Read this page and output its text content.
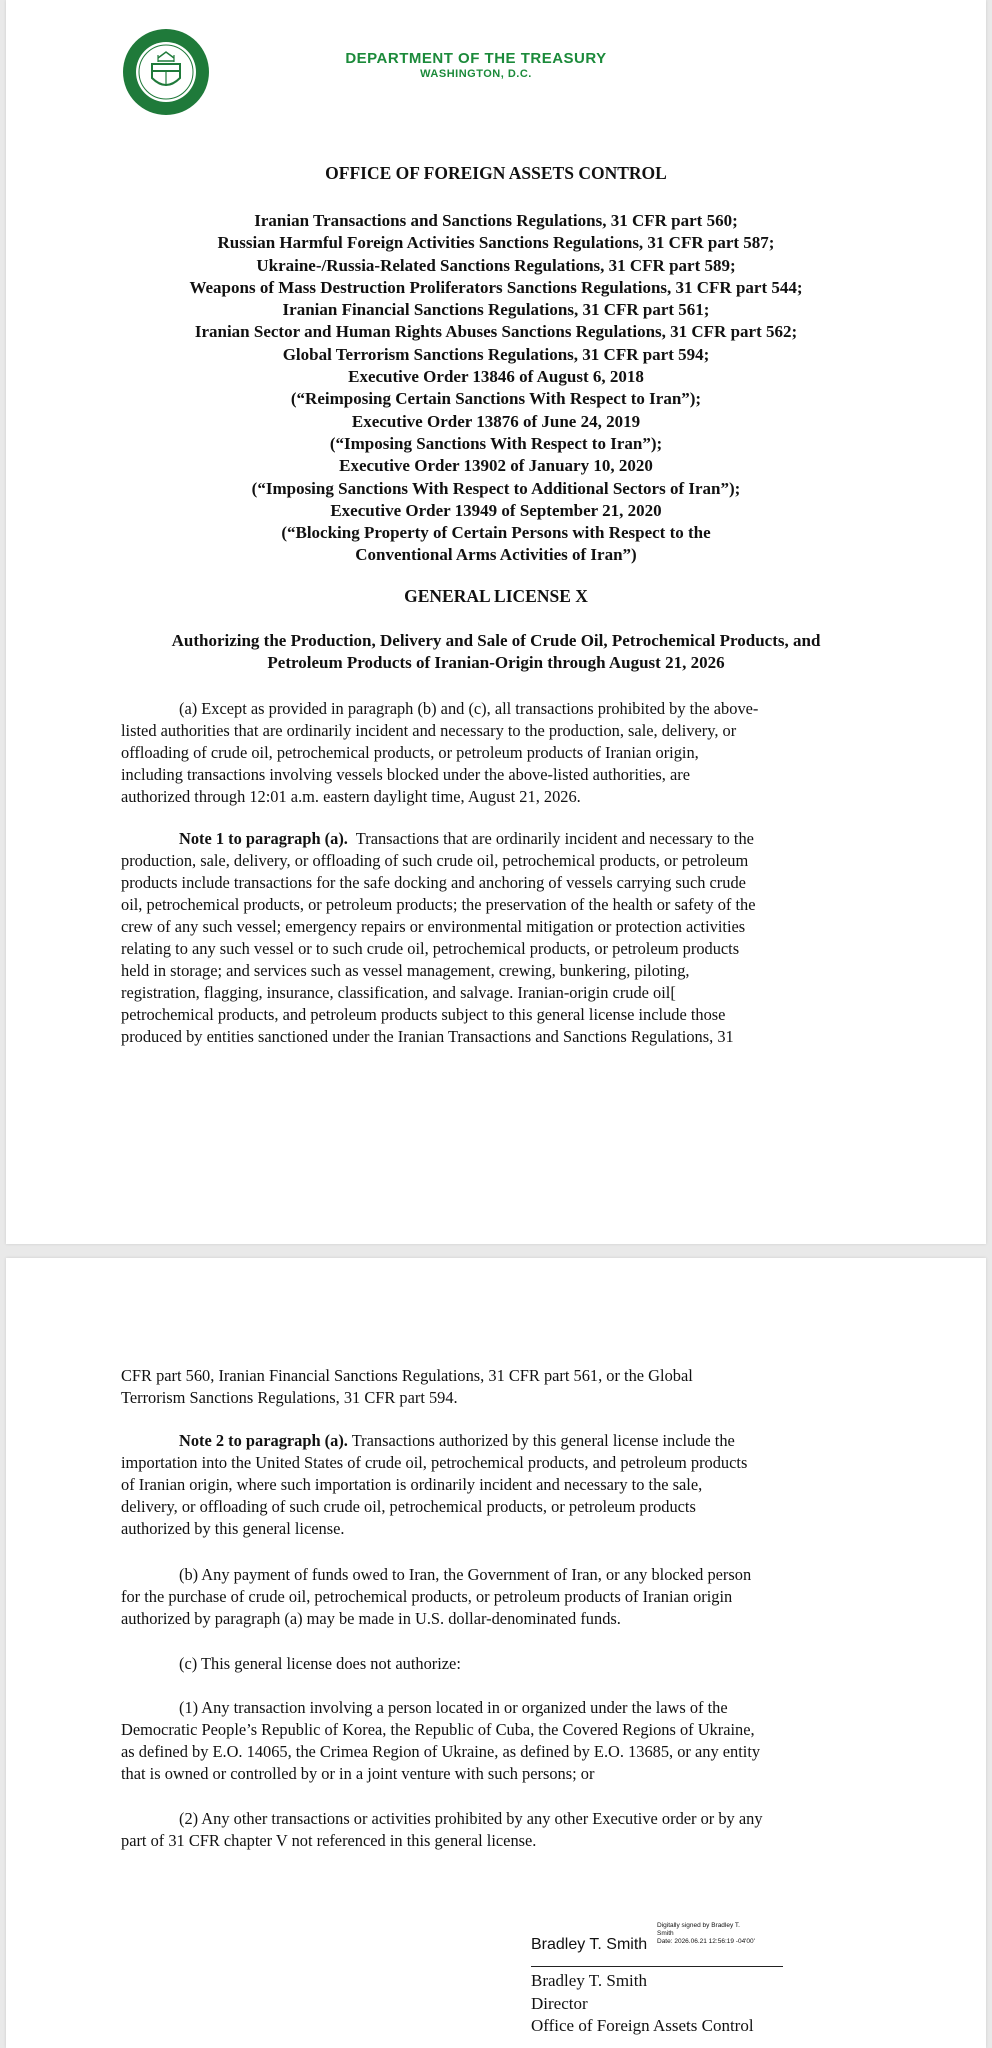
DEPARTMENT OF THE TREASURY
WASHINGTON, D.C.
OFFICE OF FOREIGN ASSETS CONTROL
Iranian Transactions and Sanctions Regulations, 31 CFR part 560;
Russian Harmful Foreign Activities Sanctions Regulations, 31 CFR part 587;
Ukraine-/Russia-Related Sanctions Regulations, 31 CFR part 589;
Weapons of Mass Destruction Proliferators Sanctions Regulations, 31 CFR part 544;
Iranian Financial Sanctions Regulations, 31 CFR part 561;
Iranian Sector and Human Rights Abuses Sanctions Regulations, 31 CFR part 562;
Global Terrorism Sanctions Regulations, 31 CFR part 594;
Executive Order 13846 of August 6, 2018
(“Reimposing Certain Sanctions With Respect to Iran”);
Executive Order 13876 of June 24, 2019
(“Imposing Sanctions With Respect to Iran”);
Executive Order 13902 of January 10, 2020
(“Imposing Sanctions With Respect to Additional Sectors of Iran”);
Executive Order 13949 of September 21, 2020
(“Blocking Property of Certain Persons with Respect to the
Conventional Arms Activities of Iran”)
GENERAL LICENSE X
Authorizing the Production, Delivery and Sale of Crude Oil, Petrochemical Products, and
Petroleum Products of Iranian-Origin through August 21, 2026
(a) Except as provided in paragraph (b) and (c), all transactions prohibited by the above-
listed authorities that are ordinarily incident and necessary to the production, sale, delivery, or
offloading of crude oil, petrochemical products, or petroleum products of Iranian origin,
including transactions involving vessels blocked under the above-listed authorities, are
authorized through 12:01 a.m. eastern daylight time, August 21, 2026.
Note 1 to paragraph (a).  Transactions that are ordinarily incident and necessary to the
production, sale, delivery, or offloading of such crude oil, petrochemical products, or petroleum
products include transactions for the safe docking and anchoring of vessels carrying such crude
oil, petrochemical products, or petroleum products; the preservation of the health or safety of the
crew of any such vessel; emergency repairs or environmental mitigation or protection activities
relating to any such vessel or to such crude oil, petrochemical products, or petroleum products
held in storage; and services such as vessel management, crewing, bunkering, piloting,
registration, flagging, insurance, classification, and salvage. Iranian-origin crude oil[
petrochemical products, and petroleum products subject to this general license include those
produced by entities sanctioned under the Iranian Transactions and Sanctions Regulations, 31
CFR part 560, Iranian Financial Sanctions Regulations, 31 CFR part 561, or the Global
Terrorism Sanctions Regulations, 31 CFR part 594.
Note 2 to paragraph (a). Transactions authorized by this general license include the
importation into the United States of crude oil, petrochemical products, and petroleum products
of Iranian origin, where such importation is ordinarily incident and necessary to the sale,
delivery, or offloading of such crude oil, petrochemical products, or petroleum products
authorized by this general license.
(b) Any payment of funds owed to Iran, the Government of Iran, or any blocked person
for the purchase of crude oil, petrochemical products, or petroleum products of Iranian origin
authorized by paragraph (a) may be made in U.S. dollar-denominated funds.
(c) This general license does not authorize:
(1) Any transaction involving a person located in or organized under the laws of the
Democratic People’s Republic of Korea, the Republic of Cuba, the Covered Regions of Ukraine,
as defined by E.O. 14065, the Crimea Region of Ukraine, as defined by E.O. 13685, or any entity
that is owned or controlled by or in a joint venture with such persons; or
(2) Any other transactions or activities prohibited by any other Executive order or by any
part of 31 CFR chapter V not referenced in this general license.
Bradley T. Smith
Digitally signed by Bradley T.
Smith
Date: 2026.06.21 12:56:19 -04'00'
Bradley T. Smith
Director
Office of Foreign Assets Control
